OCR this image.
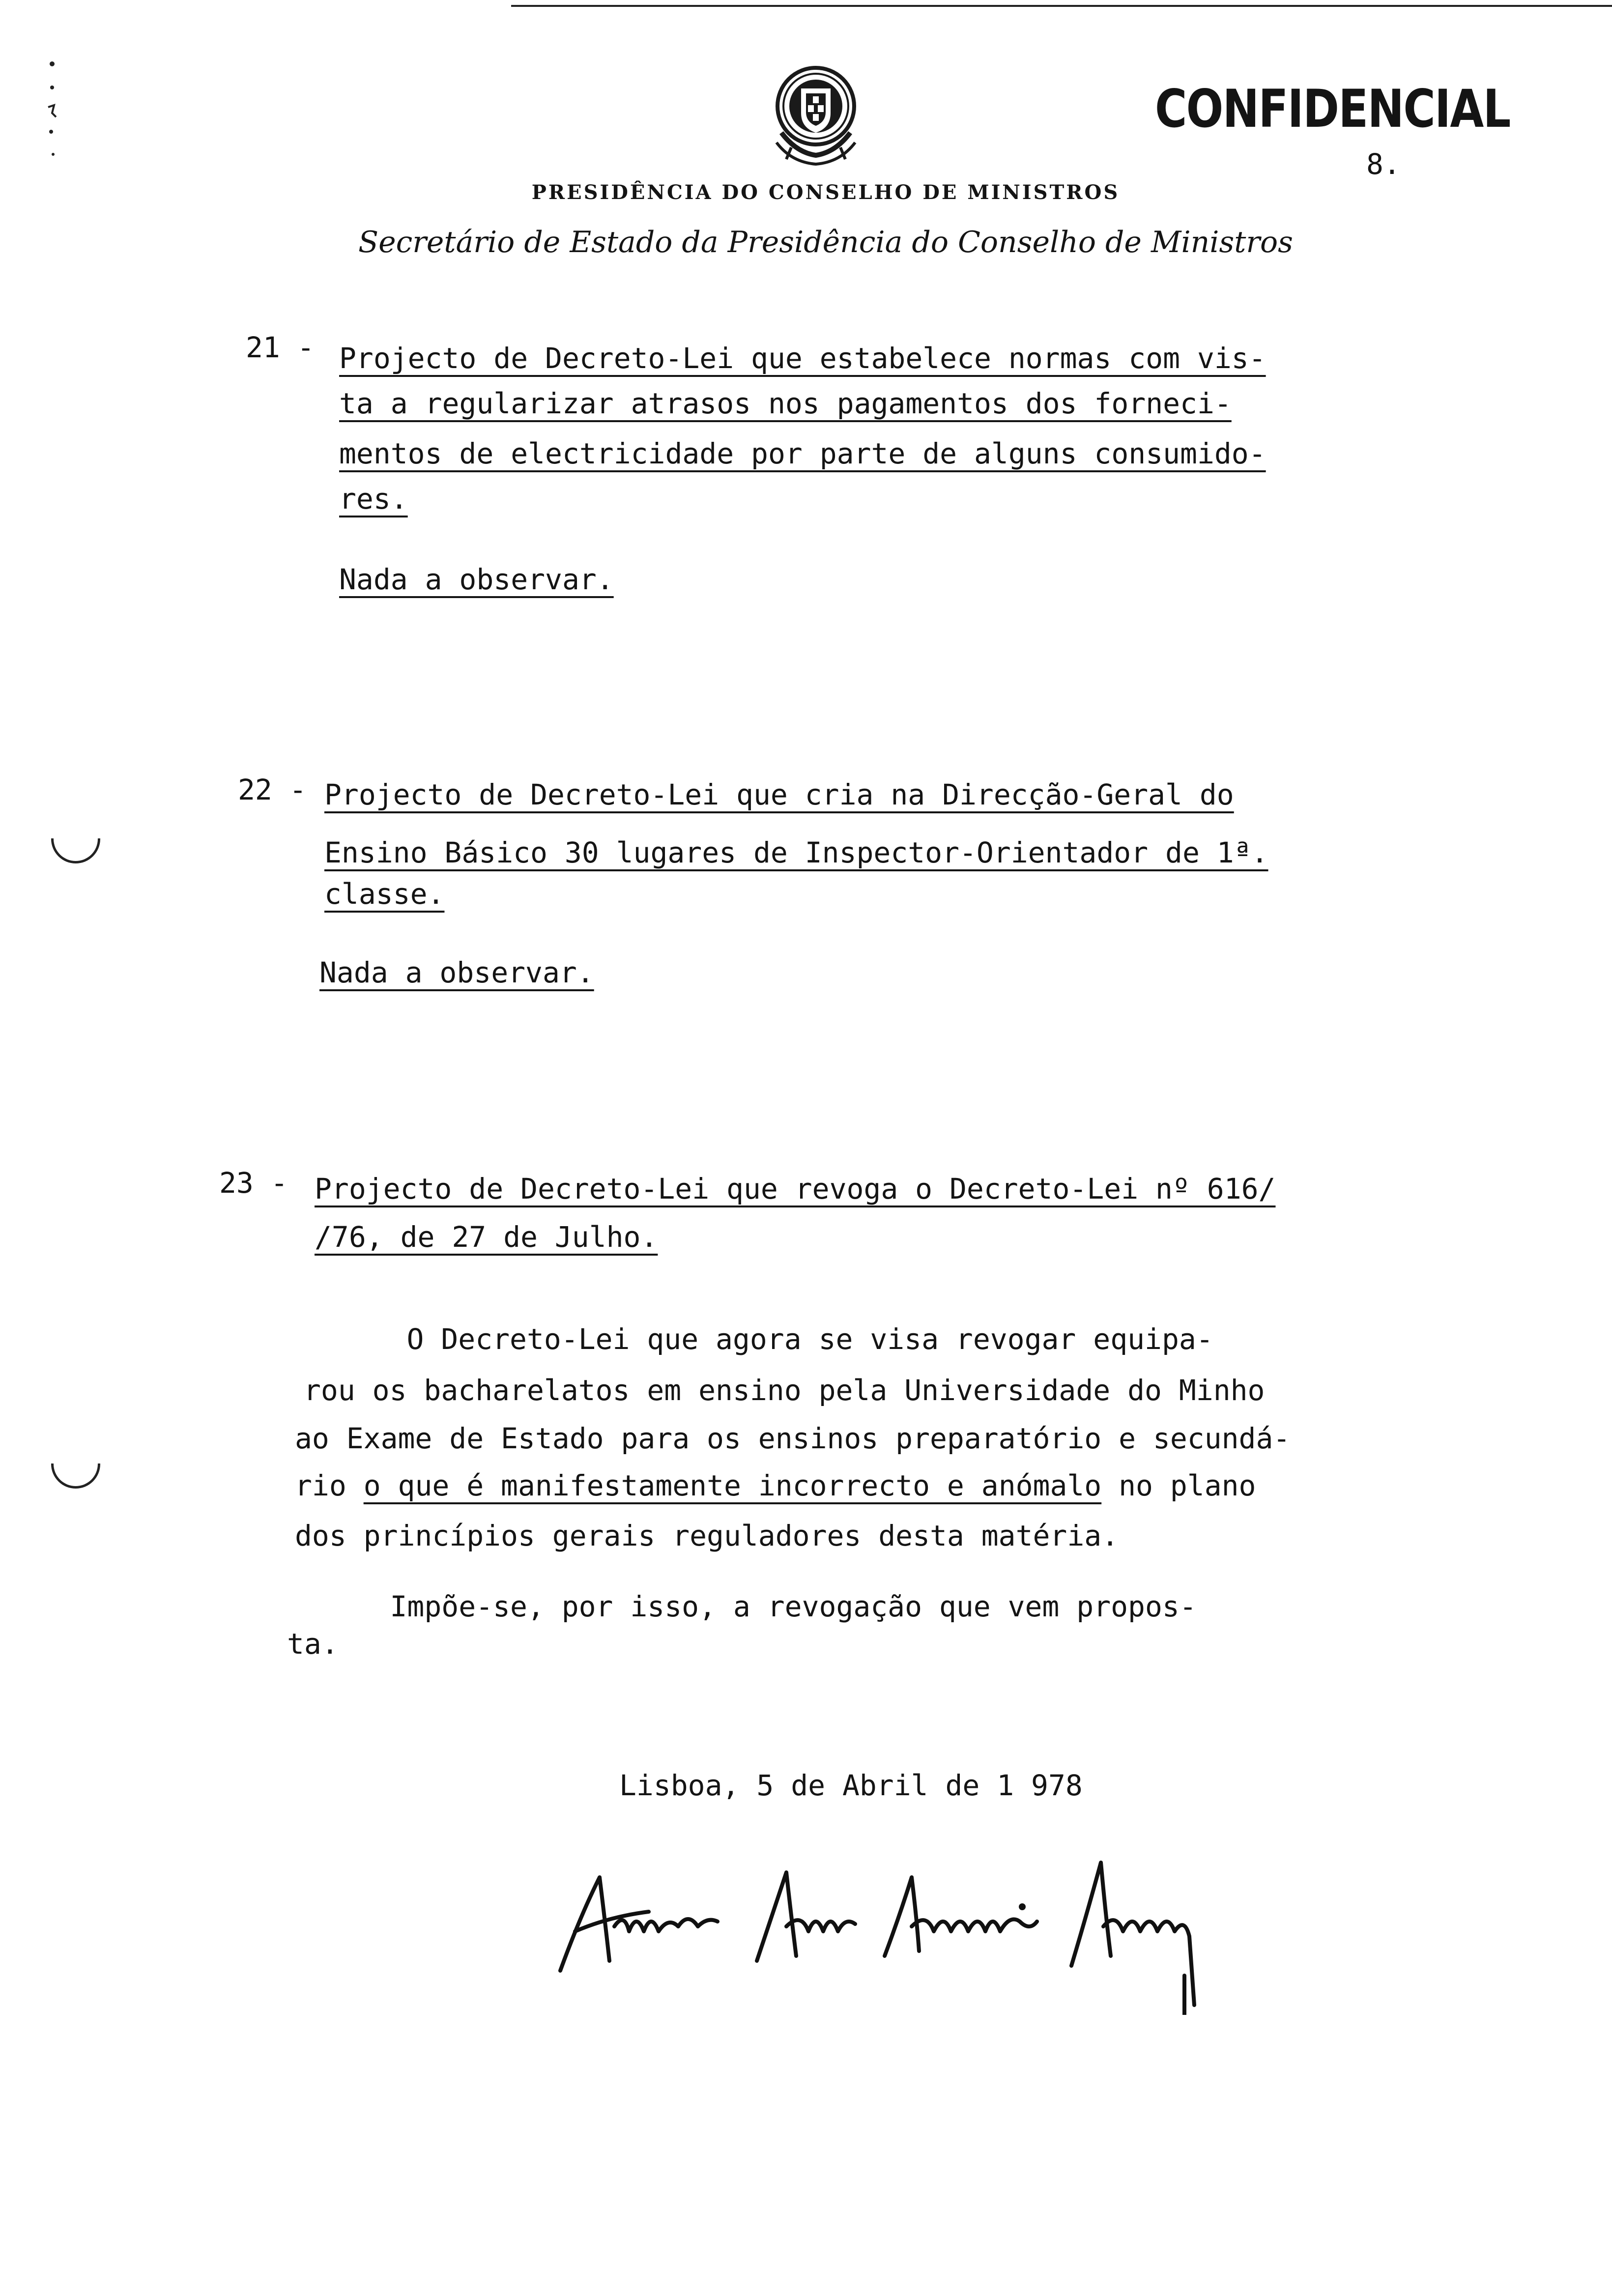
PRESIDÊNCIA DO CONSELHO DE MINISTROS
Secretário de Estado da Presidência do Conselho de Ministros
CONFIDENCIAL
8.
21 - Projecto de Decreto-Lei que estabelece normas com vis-
ta a regularizar atrasos nos pagamentos dos forneci-
mentos de electricidade por parte de alguns consumido-
res.
Nada a observar.
22 - Projecto de Decreto-Lei que cria na Direcção-Geral do
Ensino Básico 30 lugares de Inspector-Orientador de 1ª.
classe.
Nada a observar.
23 - Projecto de Decreto-Lei que revoga o Decreto-Lei nº 616/
/76, de 27 de Julho.
O Decreto-Lei que agora se visa revogar equipa-
rou os bacharelatos em ensino pela Universidade do Minho
ao Exame de Estado para os ensinos preparatório e secundá-
rio o que é manifestamente incorrecto e anómalo no plano
dos princípios gerais reguladores desta matéria.
Impõe-se, por isso, a revogação que vem propos-
ta.
Lisboa, 5 de Abril de 1 978
